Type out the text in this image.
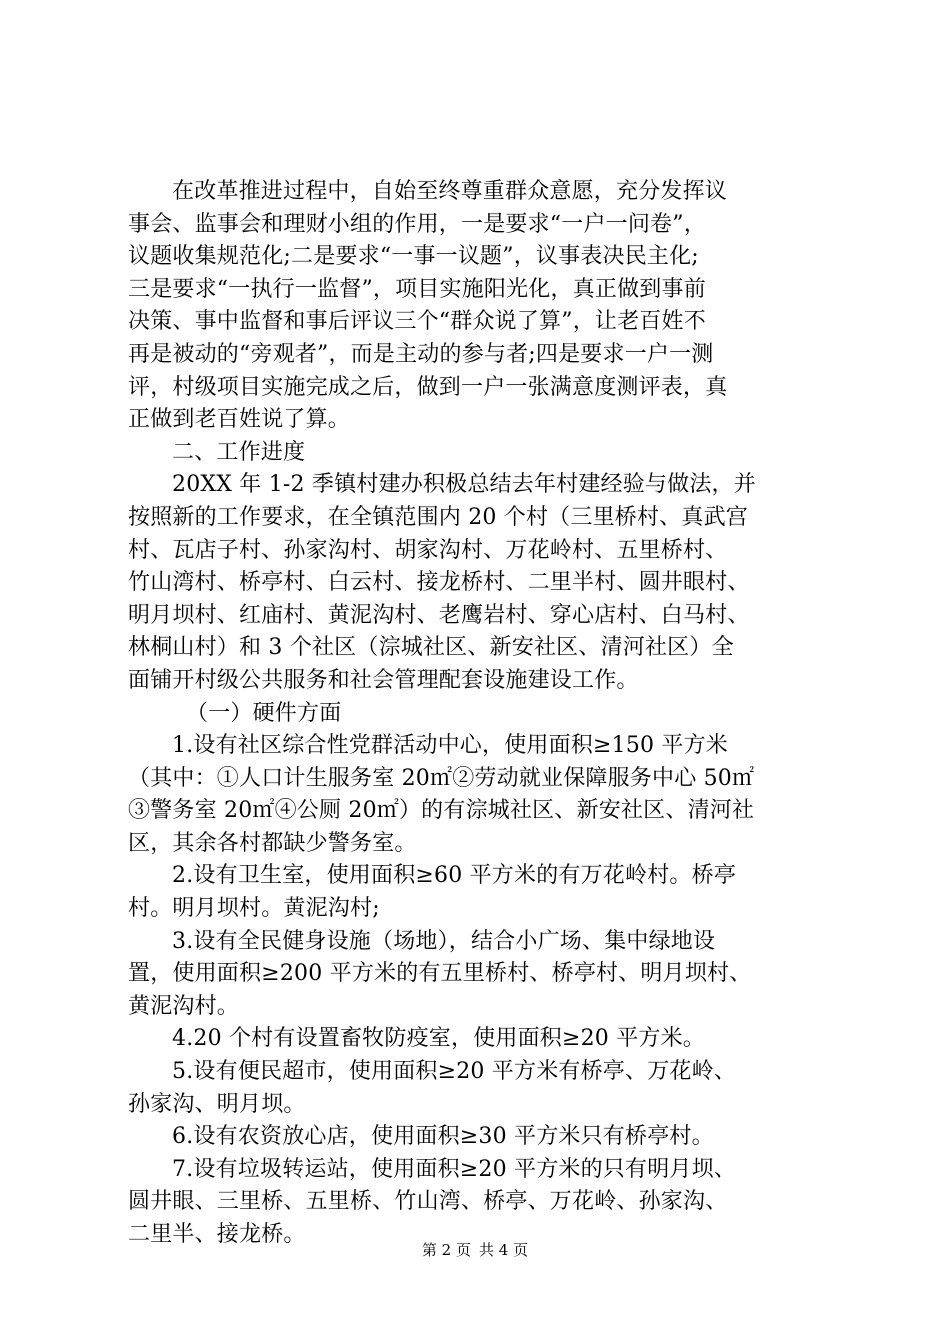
在改革推进过程中，自始至终尊重群众意愿，充分发挥议
事会、监事会和理财小组的作用，一是要求“一户一问卷”，
议题收集规范化;二是要求“一事一议题”，议事表决民主化;
三是要求“一执行一监督”，项目实施阳光化，真正做到事前
决策、事中监督和事后评议三个“群众说了算”，让老百姓不
再是被动的“旁观者”，而是主动的参与者;四是要求一户一测
评，村级项目实施完成之后，做到一户一张满意度测评表，真
正做到老百姓说了算。
二、工作进度
20XX 年 1-2 季镇村建办积极总结去年村建经验与做法，并
按照新的工作要求，在全镇范围内 20 个村（三里桥村、真武宫
村、瓦店子村、孙家沟村、胡家沟村、万花岭村、五里桥村、
竹山湾村、桥亭村、白云村、接龙桥村、二里半村、圆井眼村、
明月坝村、红庙村、黄泥沟村、老鹰岩村、穿心店村、白马村、
林桐山村）和 3 个社区（淙城社区、新安社区、清河社区）全
面铺开村级公共服务和社会管理配套设施建设工作。
（一）硬件方面
1.设有社区综合性党群活动中心，使用面积≥150 平方米
（其中：①人口计生服务室 20㎡②劳动就业保障服务中心 50㎡
③警务室 20㎡④公厕 20㎡）的有淙城社区、新安社区、清河社
区，其余各村都缺少警务室。
2.设有卫生室，使用面积≥60 平方米的有万花岭村。桥亭
村。明月坝村。黄泥沟村;
3.设有全民健身设施（场地），结合小广场、集中绿地设
置，使用面积≥200 平方米的有五里桥村、桥亭村、明月坝村、
黄泥沟村。
4.20 个村有设置畜牧防疫室，使用面积≥20 平方米。
5.设有便民超市，使用面积≥20 平方米有桥亭、万花岭、
孙家沟、明月坝。
6.设有农资放心店，使用面积≥30 平方米只有桥亭村。
7.设有垃圾转运站，使用面积≥20 平方米的只有明月坝、
圆井眼、三里桥、五里桥、竹山湾、桥亭、万花岭、孙家沟、
二里半、接龙桥。
第 2 页 共 4 页
